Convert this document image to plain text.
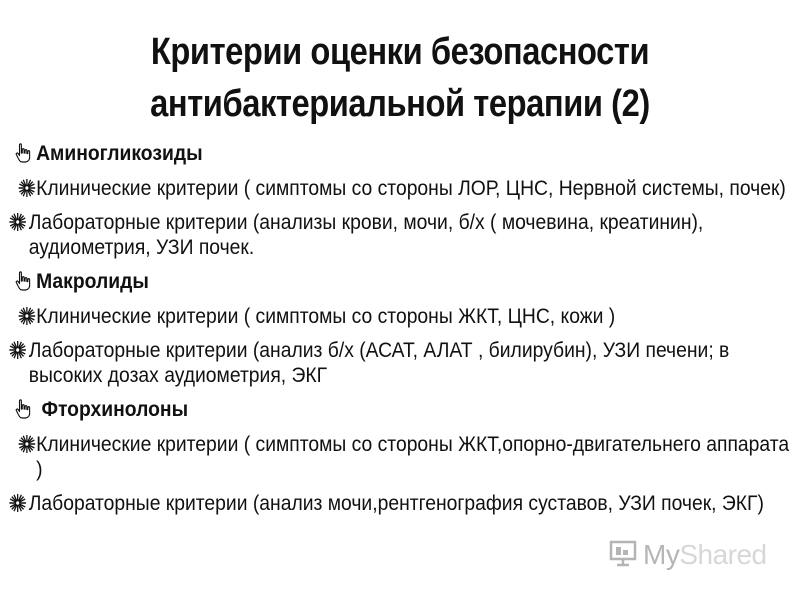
Критерии оценки безопасности
антибактериальной терапии (2)
Аминогликозиды
Клинические критерии ( симптомы со стороны ЛОР, ЦНС, Нервной системы, почек)
Лабораторные критерии (анализы крови, мочи, б/х ( мочевина, креатинин), аудиометрия, УЗИ почек.
Макролиды
Клинические критерии ( симптомы со стороны ЖКТ, ЦНС, кожи )
Лабораторные критерии (анализ б/х (АСАТ, АЛАТ , билирубин), УЗИ печени; в высоких дозах аудиометрия, ЭКГ
Фторхинолоны
Клинические критерии ( симптомы со стороны ЖКТ,опорно-двигательнего аппарата )
Лабораторные критерии (анализ мочи,рентгенография суставов, УЗИ почек, ЭКГ)
MyShared
